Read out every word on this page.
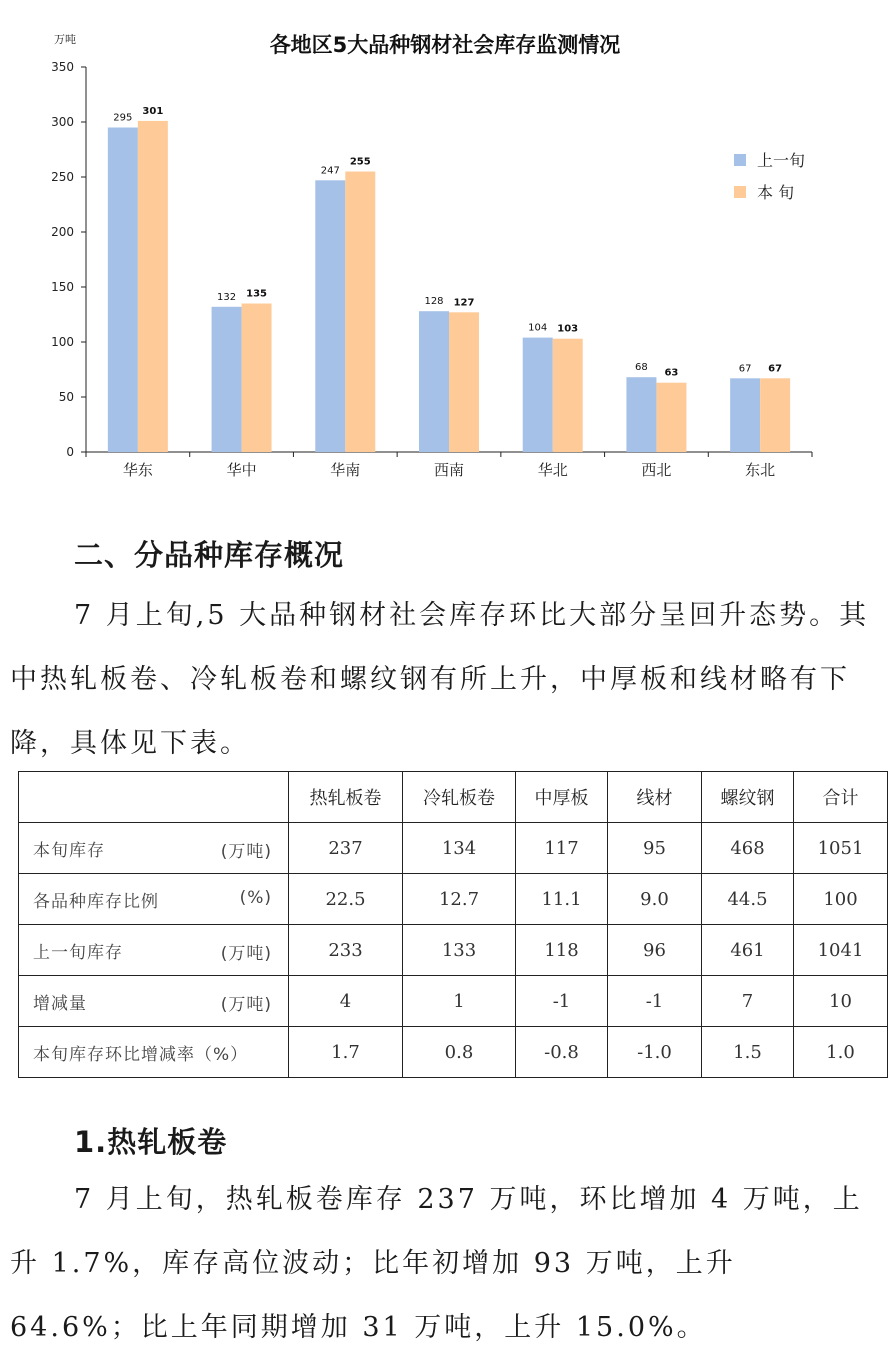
各地区5大品种钢材社会库存监测情况
万吨
0
50
100
150
200
250
300
350
华东	华中	华南	西南	华北	西北	东北
295
132
247
128
104
68	67
301
135
255
127
103
63	67
上一旬
本 旬
二、分品种库存概况

7 月上旬,5 大品种钢材社会库存环比大部分呈回升态势。其中热轧板卷、冷轧板卷和螺纹钢有所上升，中厚板和线材略有下降，具体见下表。

	热轧板卷	冷轧板卷	中厚板	线材	螺纹钢	合计
本旬库存 (万吨)	237	134	117	95	468	1051
各品种库存比例 (%)	22.5	12.7	11.1	9.0	44.5	100
上一旬库存 (万吨)	233	133	118	96	461	1041
增减量 (万吨)	4	1	-1	-1	7	10
本旬库存环比增减率（%）	1.7	0.8	-0.8	-1.0	1.5	1.0
1.热轧板卷

7 月上旬，热轧板卷库存 237 万吨，环比增加 4 万吨，上升 1.7%，库存高位波动；比年初增加 93 万吨，上升 64.6%；比上年同期增加 31 万吨，上升 15.0%。
